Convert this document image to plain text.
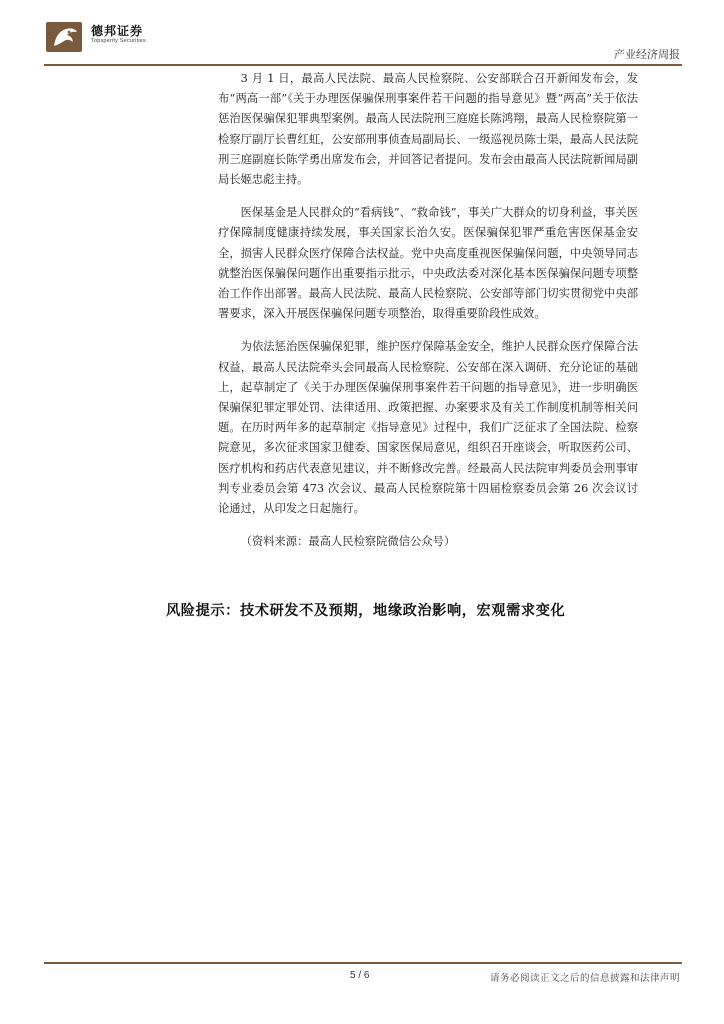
德邦证券
Topsperity Securities
产业经济周报

3 月 1 日，最高人民法院、最高人民检察院、公安部联合召开新闻发布会，发布“两高一部”《关于办理医保骗保刑事案件若干问题的指导意见》暨“两高”关于依法惩治医保骗保犯罪典型案例。最高人民法院刑三庭庭长陈鸿翔，最高人民检察院第一检察厅副厅长曹红虹，公安部刑事侦查局副局长、一级巡视员陈士渠，最高人民法院刑三庭副庭长陈学勇出席发布会，并回答记者提问。发布会由最高人民法院新闻局副局长姬忠彪主持。

医保基金是人民群众的“看病钱”、“救命钱”，事关广大群众的切身利益，事关医疗保障制度健康持续发展，事关国家长治久安。医保骗保犯罪严重危害医保基金安全，损害人民群众医疗保障合法权益。党中央高度重视医保骗保问题，中央领导同志就整治医保骗保问题作出重要指示批示，中央政法委对深化基本医保骗保问题专项整治工作作出部署。最高人民法院、最高人民检察院、公安部等部门切实贯彻党中央部署要求，深入开展医保骗保问题专项整治，取得重要阶段性成效。

为依法惩治医保骗保犯罪，维护医疗保障基金安全，维护人民群众医疗保障合法权益，最高人民法院牵头会同最高人民检察院、公安部在深入调研、充分论证的基础上，起草制定了《关于办理医保骗保刑事案件若干问题的指导意见》，进一步明确医保骗保犯罪定罪处罚、法律适用、政策把握、办案要求及有关工作制度机制等相关问题。在历时两年多的起草制定《指导意见》过程中，我们广泛征求了全国法院、检察院意见，多次征求国家卫健委、国家医保局意见，组织召开座谈会，听取医药公司、医疗机构和药店代表意见建议，并不断修改完善。经最高人民法院审判委员会刑事审判专业委员会第 473 次会议、最高人民检察院第十四届检察委员会第 26 次会议讨论通过，从印发之日起施行。

（资料来源：最高人民检察院微信公众号）

风险提示：技术研发不及预期，地缘政治影响，宏观需求变化
5 / 6	请务必阅读正文之后的信息披露和法律声明
